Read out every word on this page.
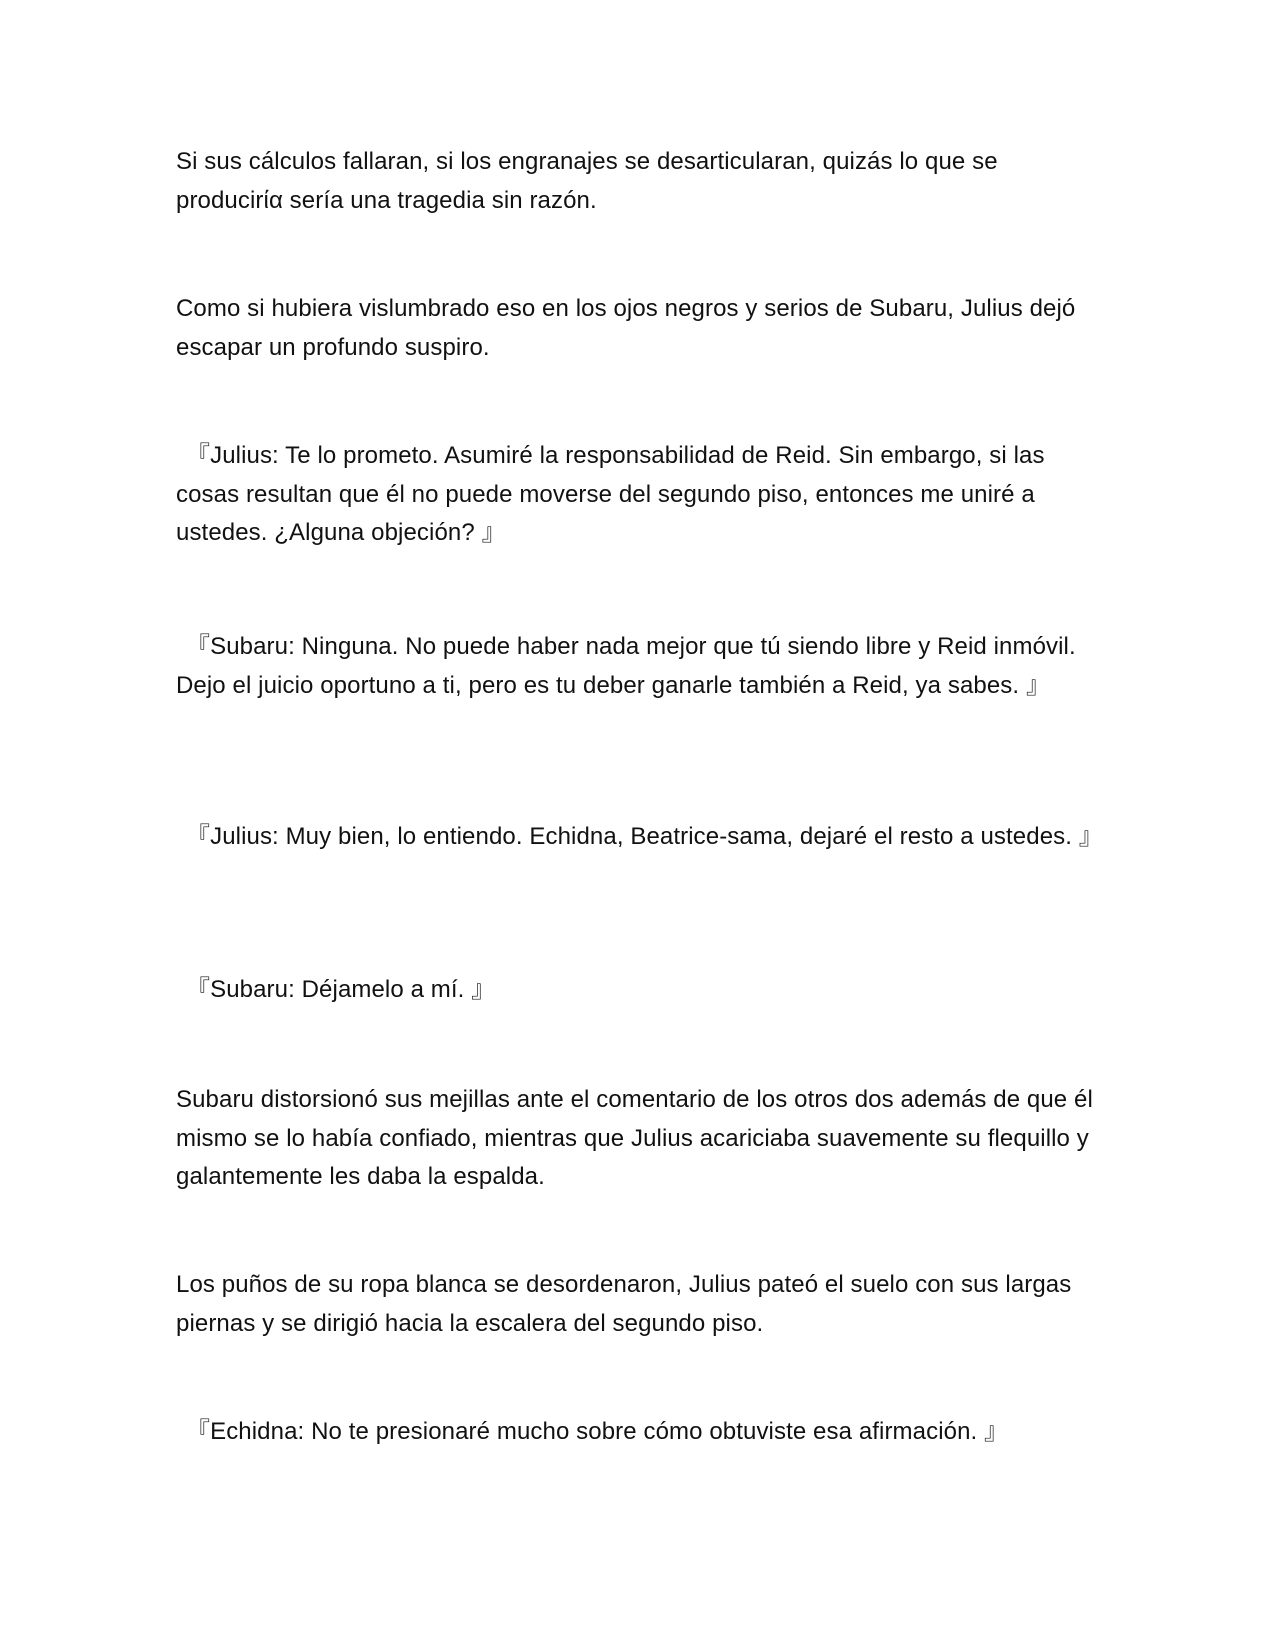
Si sus cálculos fallaran, si los engranajes se desarticularan, quizás lo que se producirία sería una tragedia sin razón.

Como si hubiera vislumbrado eso en los ojos negros y serios de Subaru, Julius dejó escapar un profundo suspiro.

『Julius: Te lo prometo. Asumiré la responsabilidad de Reid. Sin embargo, si las cosas resultan que él no puede moverse del segundo piso, entonces me uniré a ustedes. ¿Alguna objeción? 』

『Subaru: Ninguna. No puede haber nada mejor que tú siendo libre y Reid inmóvil. Dejo el juicio oportuno a ti, pero es tu deber ganarle también a Reid, ya sabes. 』

『Julius: Muy bien, lo entiendo. Echidna, Beatrice-sama, dejaré el resto a ustedes. 』

『Subaru: Déjamelo a mí. 』

Subaru distorsionó sus mejillas ante el comentario de los otros dos además de que él mismo se lo había confiado, mientras que Julius acariciaba suavemente su flequillo y galantemente les daba la espalda.

Los puños de su ropa blanca se desordenaron, Julius pateó el suelo con sus largas piernas y se dirigió hacia la escalera del segundo piso.

『Echidna: No te presionaré mucho sobre cómo obtuviste esa afirmación. 』
